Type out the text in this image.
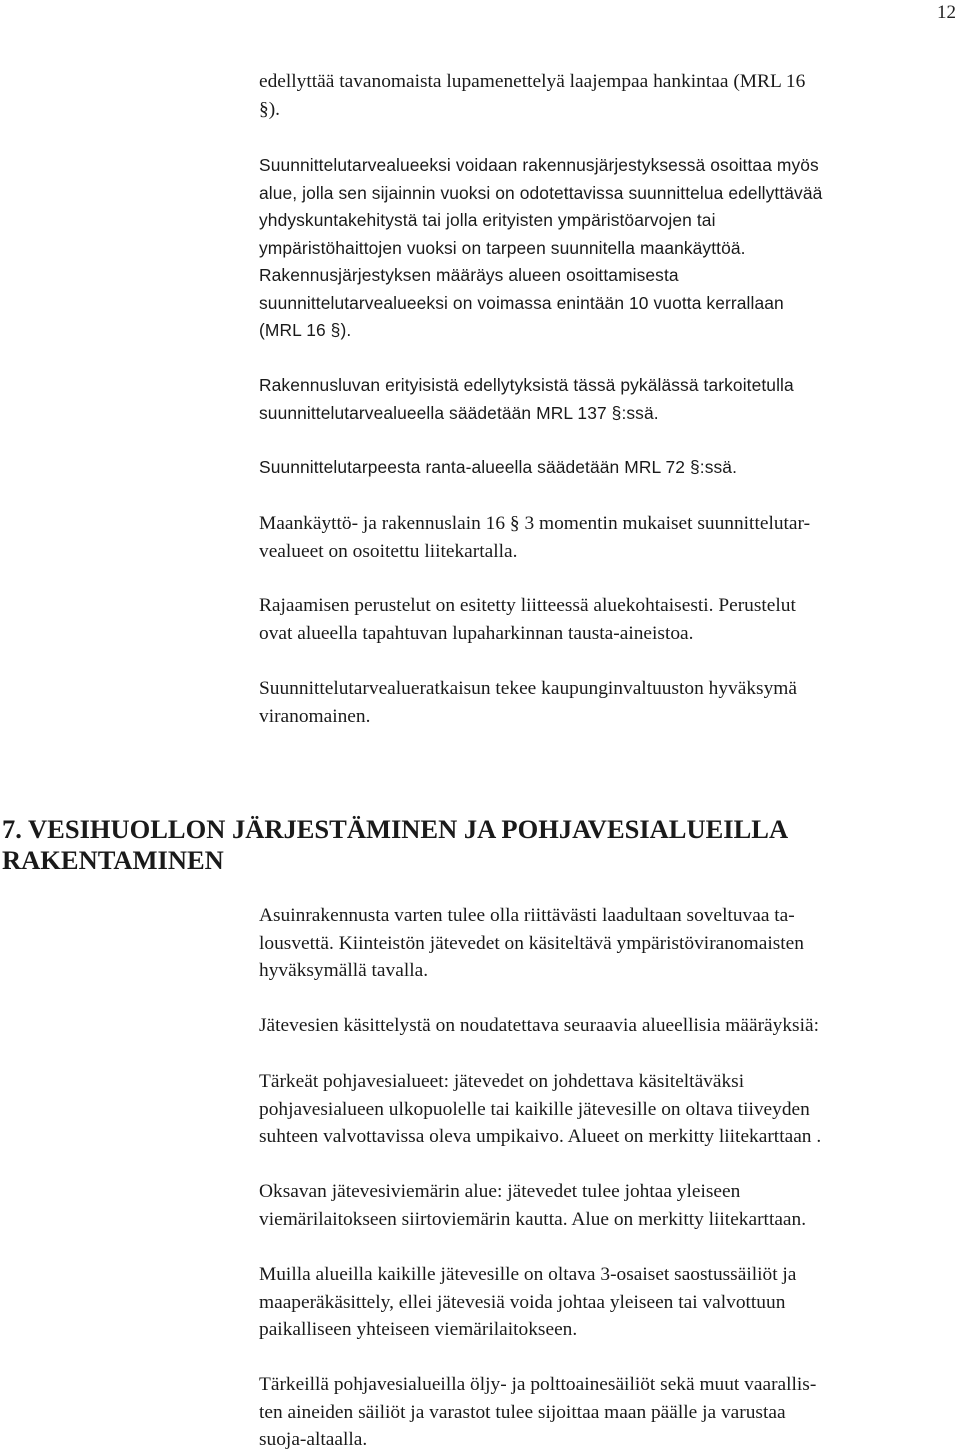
12

edellyttää tavanomaista lupamenettelyä laajempaa hankintaa (MRL 16
§).

Suunnittelutarvealueeksi voidaan rakennusjärjestyksessä osoittaa myös
alue, jolla sen sijainnin vuoksi on odotettavissa suunnittelua edellyttävää
yhdyskuntakehitystä tai jolla erityisten ympäristöarvojen tai
ympäristöhaittojen vuoksi on tarpeen suunnitella maankäyttöä.
Rakennusjärjestyksen määräys alueen osoittamisesta
suunnittelutarvealueeksi on voimassa enintään 10 vuotta kerrallaan
(MRL 16 §).

Rakennusluvan erityisistä edellytyksistä tässä pykälässä tarkoitetulla
suunnittelutarvealueella säädetään MRL 137 §:ssä.

Suunnittelutarpeesta ranta-alueella säädetään MRL 72 §:ssä.

Maankäyttö- ja rakennuslain 16 § 3 momentin mukaiset suunnittelutar-
vealueet on osoitettu liitekartalla.

Rajaamisen perustelut on esitetty liitteessä aluekohtaisesti. Perustelut
ovat alueella tapahtuvan lupaharkinnan tausta-aineistoa.

Suunnittelutarvealueratkaisun tekee kaupunginvaltuuston hyväksymä
viranomainen.

7. VESIHUOLLON JÄRJESTÄMINEN JA POHJAVESIALUEILLA
RAKENTAMINEN

Asuinrakennusta varten tulee olla riittävästi laadultaan soveltuvaa ta-
lousvettä. Kiinteistön jätevedet on käsiteltävä ympäristöviranomaisten
hyväksymällä tavalla.

Jätevesien käsittelystä on noudatettava seuraavia alueellisia määräyksiä:

Tärkeät pohjavesialueet: jätevedet on johdettava käsiteltäväksi
pohjavesialueen ulkopuolelle tai kaikille jätevesille on oltava tiiveyden
suhteen valvottavissa oleva umpikaivo. Alueet on merkitty liitekarttaan .

Oksavan jätevesiviemärin alue: jätevedet tulee johtaa yleiseen
viemärilaitokseen siirtoviemärin kautta. Alue on merkitty liitekarttaan.

Muilla alueilla kaikille jätevesille on oltava 3-osaiset saostussäiliöt ja
maaperäkäsittely, ellei jätevesiä voida johtaa yleiseen tai valvottuun
paikalliseen yhteiseen viemärilaitokseen.

Tärkeillä pohjavesialueilla öljy- ja polttoainesäiliöt sekä muut vaarallis-
ten aineiden säiliöt ja varastot tulee sijoittaa maan päälle ja varustaa
suoja-altaalla.
